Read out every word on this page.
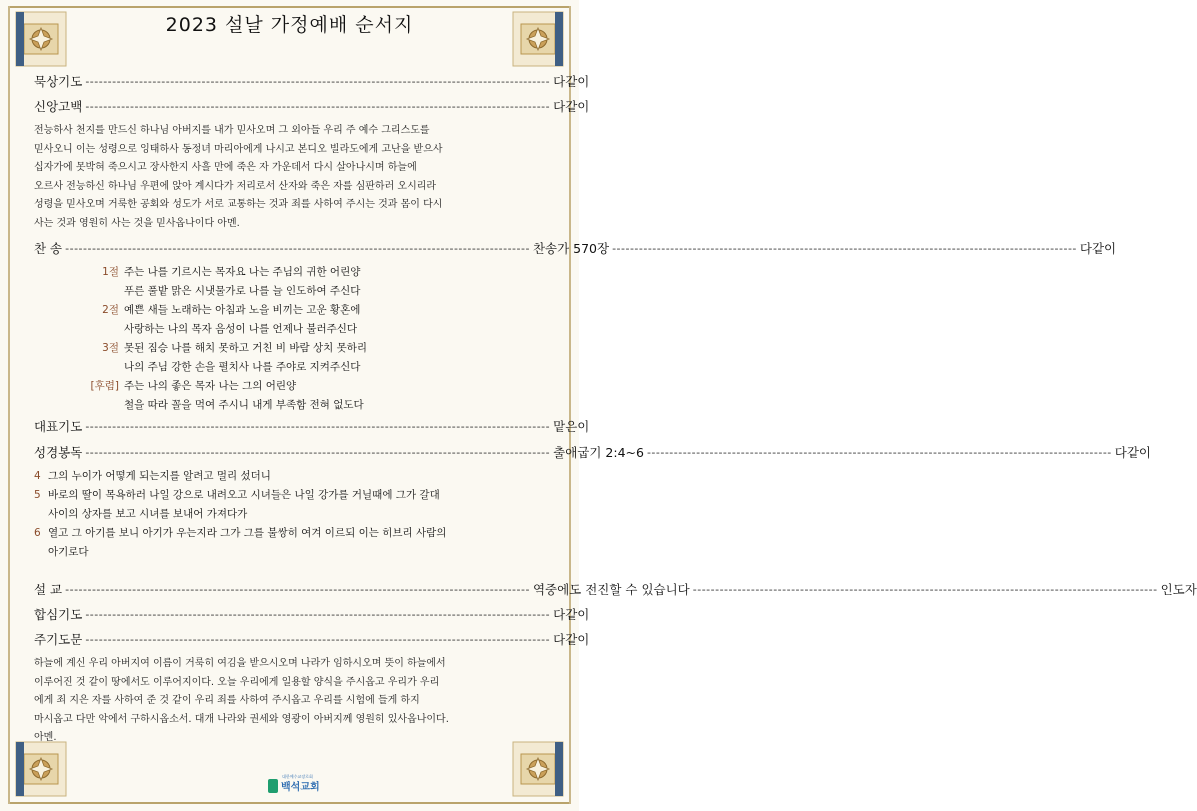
2023 설날 가정예배 순서지
묵상기도 -------------------------------------------------------------------------------------------------------- 다같이
신앙고백 -------------------------------------------------------------------------------------------------------- 다같이

전능하사 천지를 만드신 하나님 아버지를 내가 믿사오며 그 외아들 우리 주 예수 그리스도를

믿사오니 이는 성령으로 잉태하사 동정녀 마리아에게 나시고 본디오 빌라도에게 고난을 받으사

십자가에 못박혀 죽으시고 장사한지 사흘 만에 죽은 자 가운데서 다시 살아나시며 하늘에

오르사 전능하신 하나님 우편에 앉아 계시다가 저리로서 산자와 죽은 자를 심판하러 오시리라

성령을 믿사오며 거룩한 공회와 성도가 서로 교통하는 것과 죄를 사하여 주시는 것과 몸이 다시

사는 것과 영원히 사는 것을 믿사옵나이다 아멘.

찬 송 -------------------------------------------------------------------------------------------------------- 찬송가 570장 -------------------------------------------------------------------------------------------------------- 다같이
1절 주는 나를 기르시는 목자요 나는 주님의 귀한 어린양
푸른 풀밭 맑은 시냇물가로 나를 늘 인도하여 주신다
2절 예쁜 새들 노래하는 아침과 노을 비끼는 고운 황혼에
사랑하는 나의 목자 음성이 나를 언제나 불러주신다
3절 못된 짐승 나를 해치 못하고 거친 비 바람 상치 못하리
나의 주님 강한 손을 펼치사 나를 주야로 지켜주신다
[후렴] 주는 나의 좋은 목자 나는 그의 어린양
철을 따라 꼴을 먹여 주시니 내게 부족함 전혀 없도다
대표기도 -------------------------------------------------------------------------------------------------------- 맡은이
성경봉독 -------------------------------------------------------------------------------------------------------- 출애굽기 2:4~6 -------------------------------------------------------------------------------------------------------- 다같이
4 그의 누이가 어떻게 되는지를 알려고 멀리 섰더니
5 바로의 딸이 목욕하러 나일 강으로 내려오고 시녀들은 나일 강가를 거닐때에 그가 갈대
사이의 상자를 보고 시녀를 보내어 가져다가
6 열고 그 아기를 보니 아기가 우는지라 그가 그를 불쌍히 여겨 이르되 이는 히브리 사람의
아기로다
설 교 -------------------------------------------------------------------------------------------------------- 역중에도 전진할 수 있습니다 -------------------------------------------------------------------------------------------------------- 인도자
합심기도 -------------------------------------------------------------------------------------------------------- 다같이
주기도문 -------------------------------------------------------------------------------------------------------- 다같이

하늘에 계신 우리 아버지여 이름이 거룩히 여김을 받으시오며 나라가 임하시오며 뜻이 하늘에서

이루어진 것 같이 땅에서도 이루어지이다. 오늘 우리에게 일용할 양식을 주시옵고 우리가 우리

에게 죄 지은 자를 사하여 준 것 같이 우리 죄를 사하여 주시옵고 우리를 시험에 들게 하지

마시옵고 다만 악에서 구하시옵소서. 대개 나라와 권세와 영광이 아버지께 영원히 있사옵나이다.

아멘.

대한예수교장로회
백석교회
